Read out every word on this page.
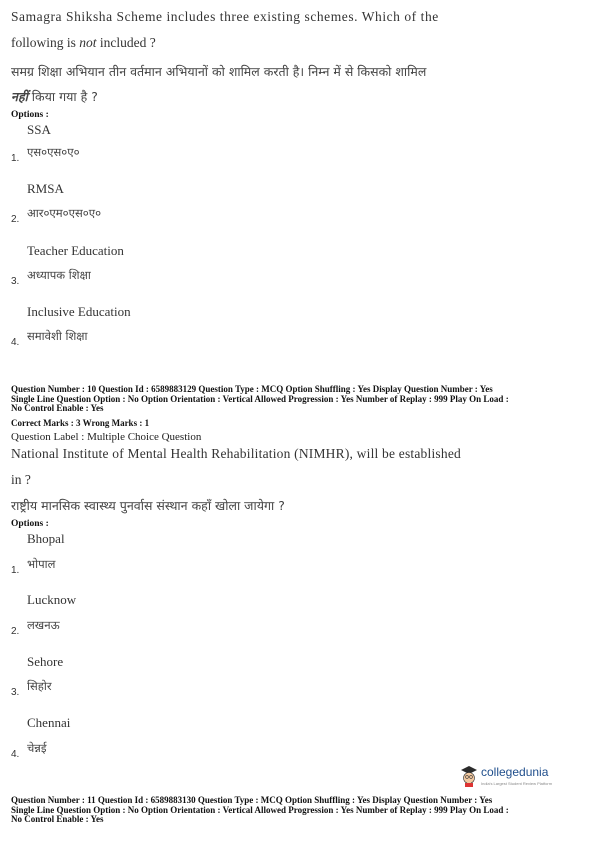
Samagra Shiksha Scheme includes three existing schemes. Which of the
following is not included ?
समग्र शिक्षा अभियान तीन वर्तमान अभियानों को शामिल करती है। निम्न में से किसको शामिल
नहीं किया गया है ?
Options :
SSA
1. एस०एस०ए०
RMSA
2. आर०एम०एस०ए०
Teacher Education
3. अध्यापक शिक्षा
Inclusive Education
4. समावेशी शिक्षा
Question Number : 10 Question Id : 6589883129 Question Type : MCQ Option Shuffling : Yes Display Question Number : Yes
Single Line Question Option : No Option Orientation : Vertical Allowed Progression : Yes Number of Replay : 999 Play On Load :
No Control Enable : Yes
Correct Marks : 3 Wrong Marks : 1
Question Label : Multiple Choice Question
National Institute of Mental Health Rehabilitation (NIMHR), will be established
in ?
राष्ट्रीय मानसिक स्वास्थ्य पुनर्वास संस्थान कहाँ खोला जायेगा ?
Options :
Bhopal
1. भोपाल
Lucknow
2. लखनऊ
Sehore
3. सिहोर
Chennai
4. चेन्नई
collegedunia
India's Largest Student Review Platform
Question Number : 11 Question Id : 6589883130 Question Type : MCQ Option Shuffling : Yes Display Question Number : Yes
Single Line Question Option : No Option Orientation : Vertical Allowed Progression : Yes Number of Replay : 999 Play On Load :
No Control Enable : Yes
